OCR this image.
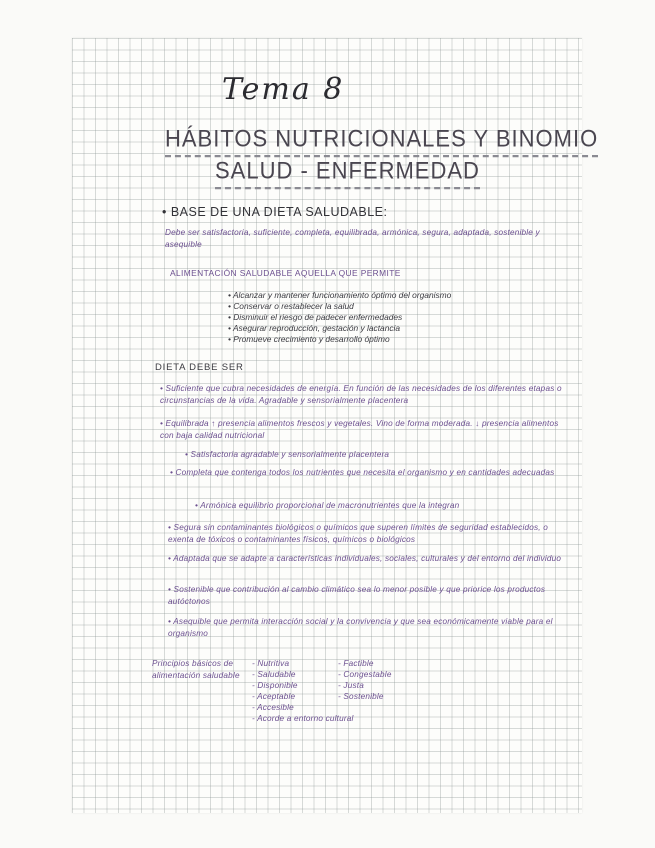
Tema 8
HÁBITOS NUTRICIONALES Y BINOMIO
SALUD - ENFERMEDAD
• BASE DE UNA DIETA SALUDABLE:
Debe ser satisfactoria, suficiente, completa, equilibrada, armónica, segura, adaptada, sostenible y asequible
ALIMENTACIÓN SALUDABLE AQUELLA QUE PERMITE
• Alcanzar y mantener funcionamiento óptimo del organismo
• Conservar o restablecer la salud
• Disminuir el riesgo de padecer enfermedades
• Asegurar reproducción, gestación y lactancia
• Promueve crecimiento y desarrollo óptimo
DIETA DEBE SER
• Suficiente que cubra necesidades de energía. En función de las necesidades de los diferentes etapas o circunstancias de la vida. Agradable y sensorialmente placentera
• Equilibrada ↑ presencia alimentos frescos y vegetales. Vino de forma moderada. ↓ presencia alimentos con baja calidad nutricional
• Satisfactoria agradable y sensorialmente placentera
• Completa que contenga todos los nutrientes que necesita el organismo y en cantidades adecuadas
• Armónica equilibrio proporcional de macronutrientes que la integran
• Segura sin contaminantes biológicos o químicos que superen límites de seguridad establecidos, o exenta de tóxicos o contaminantes físicos, químicos o biológicos
• Adaptada que se adapte a características individuales, sociales, culturales y del entorno del individuo
• Sostenible que contribución al cambio climático sea lo menor posible y que priorice los productos autóctonos
• Asequible que permita interacción social y la convivencia y que sea económicamente viable para el organismo
Principios básicos de alimentación saludable
- Nutritiva
- Saludable
- Disponible
- Aceptable
- Accesible
- Acorde a entorno cultural
- Factible
- Congestable
- Justa
- Sostenible
